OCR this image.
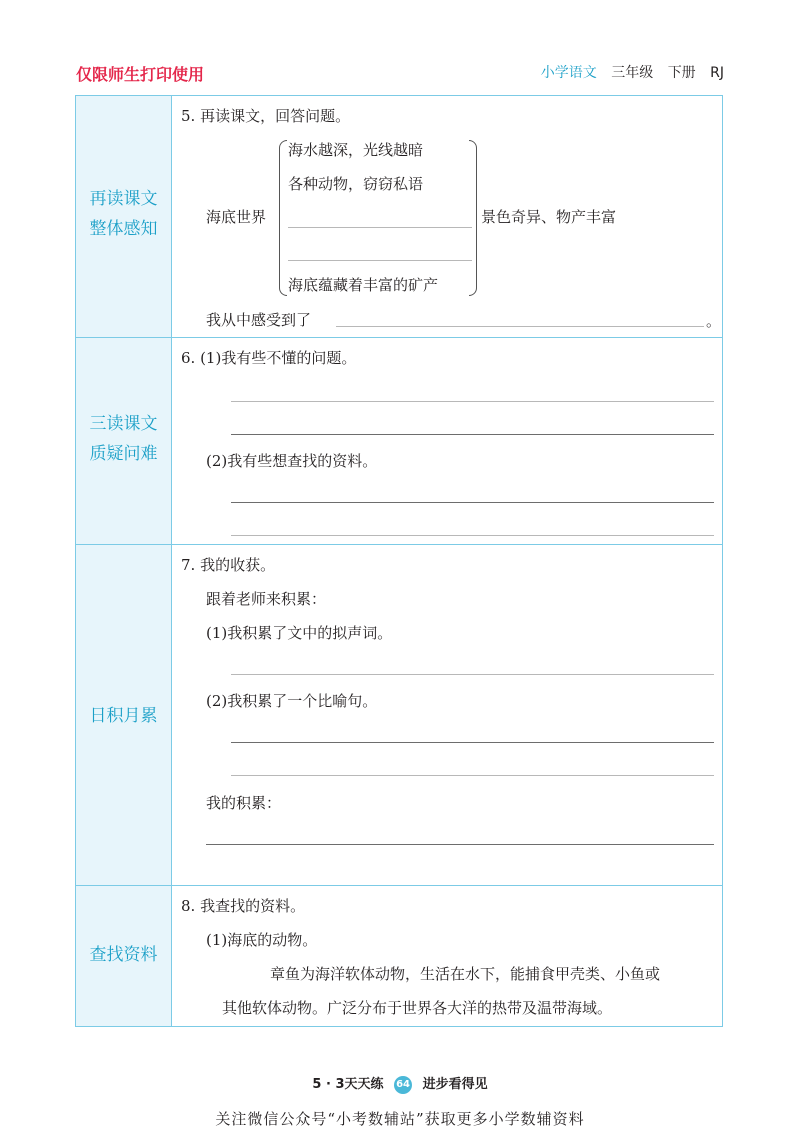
仅限师生打印使用	小学语文 三年级 下册 RJ
再读课文
整体感知
三读课文
质疑问难
日积月累
查找资料
5. 再读课文，回答问题。
海底世界
海水越深，光线越暗
各种动物，窃窃私语
海底蕴藏着丰富的矿产
景色奇异、物产丰富
我从中感受到了	。
6. (1)我有些不懂的问题。
(2)我有些想查找的资料。
7. 我的收获。
跟着老师来积累：
(1)我积累了文中的拟声词。
(2)我积累了一个比喻句。
我的积累：
8. 我查找的资料。
(1)海底的动物。
章鱼为海洋软体动物，生活在水下，能捕食甲壳类、小鱼或
其他软体动物。广泛分布于世界各大洋的热带及温带海域。
5 · 3天天练 64 进步看得见
关注微信公众号“小考数辅站”获取更多小学数辅资料
